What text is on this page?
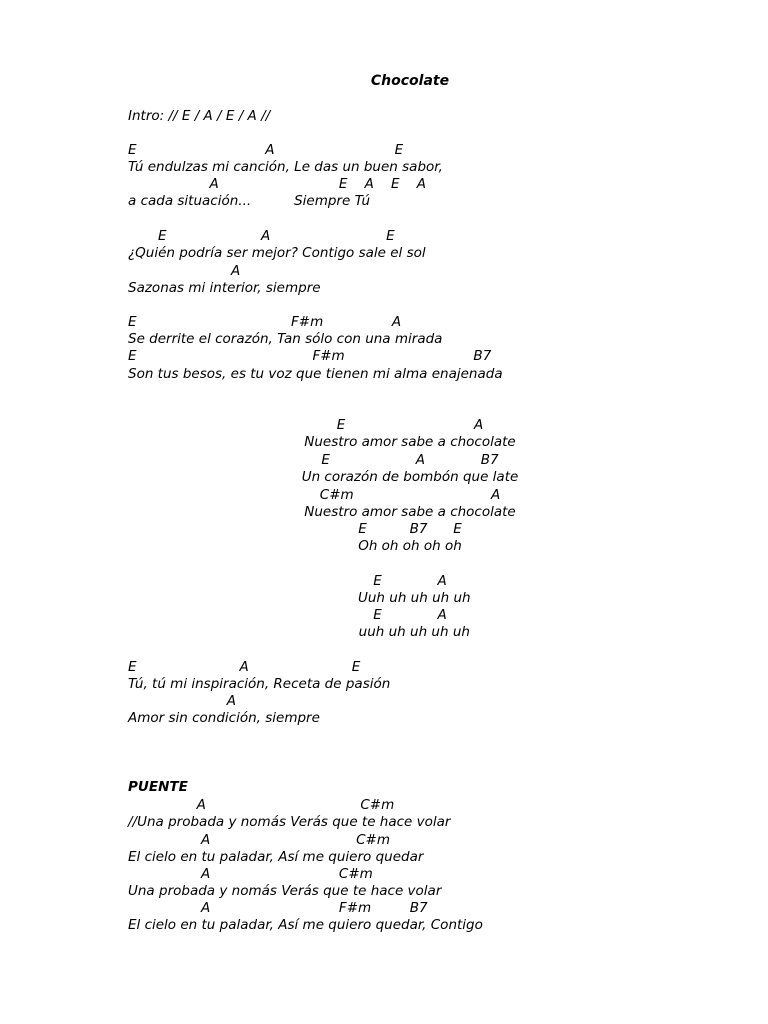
Chocolate
Intro: // E / A / E / A //
E                              A                            E
Tú endulzas mi canción, Le das un buen sabor,
A                            E    A    E    A
a cada situación...          Siempre Tú
E                      A                           E
¿Quién podría ser mejor? Contigo sale el sol
A
Sazonas mi interior, siempre
E                                    F#m                A
Se derrite el corazón, Tan sólo con una mirada
E                                         F#m                              B7
Son tus besos, es tu voz que tienen mi alma enajenada
E                              A
Nuestro amor sabe a chocolate
E                    A             B7
Un corazón de bombón que late
C#m                                A
Nuestro amor sabe a chocolate
E          B7      E
Oh oh oh oh oh
E             A
Uuh uh uh uh uh
E             A
uuh uh uh uh uh
E                        A                        E
Tú, tú mi inspiración, Receta de pasión
A
Amor sin condición, siempre
PUENTE
A                                    C#m
//Una probada y nomás Verás que te hace volar
A                                  C#m
El cielo en tu paladar, Así me quiero quedar
A                              C#m
Una probada y nomás Verás que te hace volar
A                              F#m         B7
El cielo en tu paladar, Así me quiero quedar, Contigo
